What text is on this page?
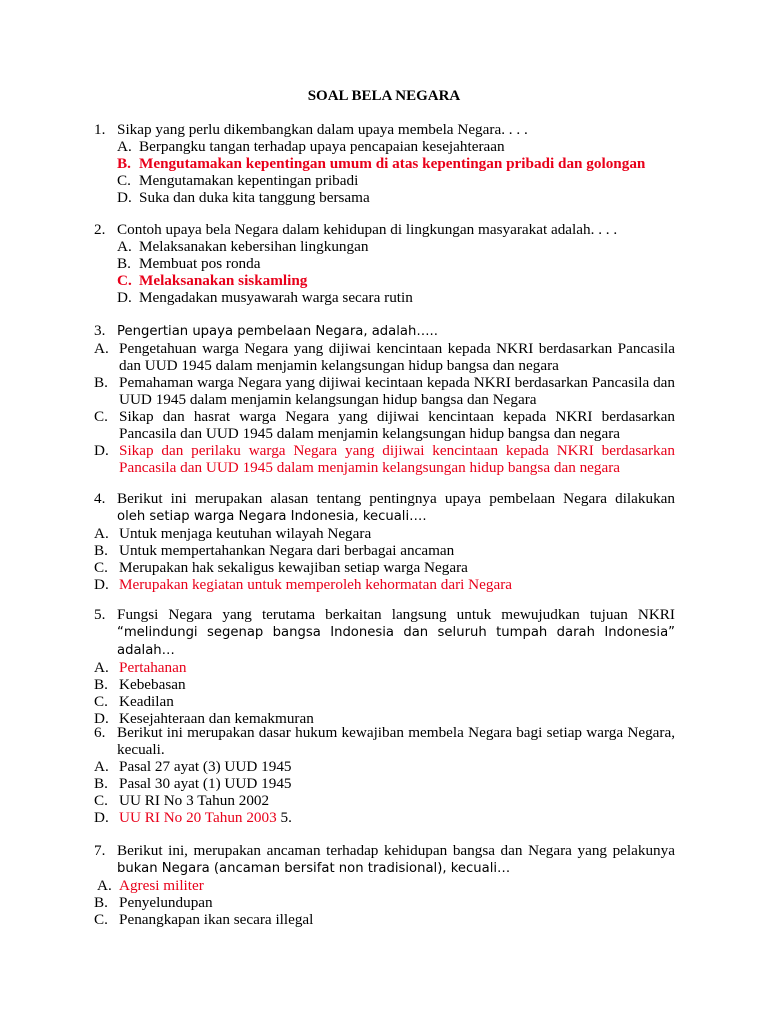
SOAL BELA NEGARA
1. Sikap yang perlu dikembangkan dalam upaya membela Negara. . . .
A. Berpangku tangan terhadap upaya pencapaian kesejahteraan
B. Mengutamakan kepentingan umum di atas kepentingan pribadi dan golongan
C. Mengutamakan kepentingan pribadi
D. Suka dan duka kita tanggung bersama
2. Contoh upaya bela Negara dalam kehidupan di lingkungan masyarakat adalah. . . .
A. Melaksanakan kebersihan lingkungan
B. Membuat pos ronda
C. Melaksanakan siskamling
D. Mengadakan musyawarah warga secara rutin
3. Pengertian upaya pembelaan Negara, adalah…..
A. Pengetahuan warga Negara yang dijiwai kencintaan kepada NKRI berdasarkan Pancasila dan UUD 1945 dalam menjamin kelangsungan hidup bangsa dan negara
B. Pemahaman warga Negara yang dijiwai kecintaan kepada NKRI berdasarkan Pancasila dan UUD 1945 dalam menjamin kelangsungan hidup bangsa dan Negara
C. Sikap dan hasrat warga Negara yang dijiwai kencintaan kepada NKRI berdasarkan Pancasila dan UUD 1945 dalam menjamin kelangsungan hidup bangsa dan negara
D. Sikap dan perilaku warga Negara yang dijiwai kencintaan kepada NKRI berdasarkan Pancasila dan UUD 1945 dalam menjamin kelangsungan hidup bangsa dan negara
4. Berikut ini merupakan alasan tentang pentingnya upaya pembelaan Negara dilakukan
oleh setiap warga Negara Indonesia, kecuali….
A. Untuk menjaga keutuhan wilayah Negara
B. Untuk mempertahankan Negara dari berbagai ancaman
C. Merupakan hak sekaligus kewajiban setiap warga Negara
D. Merupakan kegiatan untuk memperoleh kehormatan dari Negara
5. Fungsi Negara yang terutama berkaitan langsung untuk mewujudkan tujuan NKRI
“melindungi segenap bangsa Indonesia dan seluruh tumpah darah Indonesia” adalah…
A. Pertahanan
B. Kebebasan
C. Keadilan
D. Kesejahteraan dan kemakmuran
6. Berikut ini merupakan dasar hukum kewajiban membela Negara bagi setiap warga Negara, kecuali.
A. Pasal 27 ayat (3) UUD 1945
B. Pasal 30 ayat (1) UUD 1945
C. UU RI No 3 Tahun 2002
D. UU RI No 20 Tahun 2003 5.
7. Berikut ini, merupakan ancaman terhadap kehidupan bangsa dan Negara yang pelakunya
bukan Negara (ancaman bersifat non tradisional), kecuali…
A. Agresi militer
B. Penyelundupan
C. Penangkapan ikan secara illegal
